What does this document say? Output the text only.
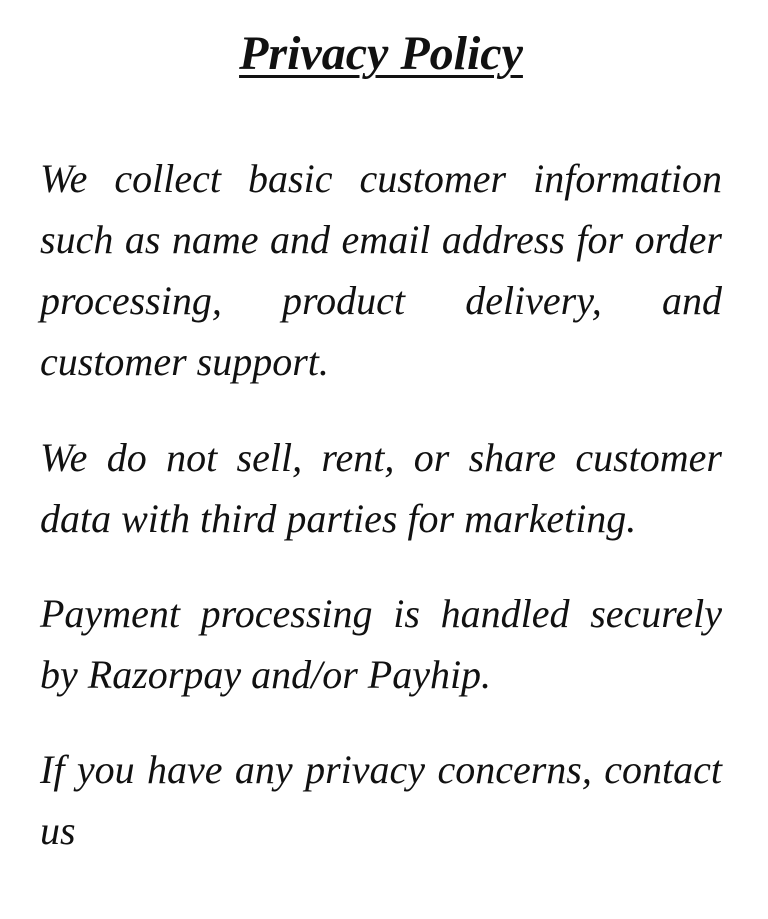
Privacy Policy

We collect basic customer information such as name and email address for order processing, product delivery, and customer support.

We do not sell, rent, or share customer data with third parties for marketing.

Payment processing is handled securely by Razorpay and/or Payhip.

If you have any privacy concerns, contact us
